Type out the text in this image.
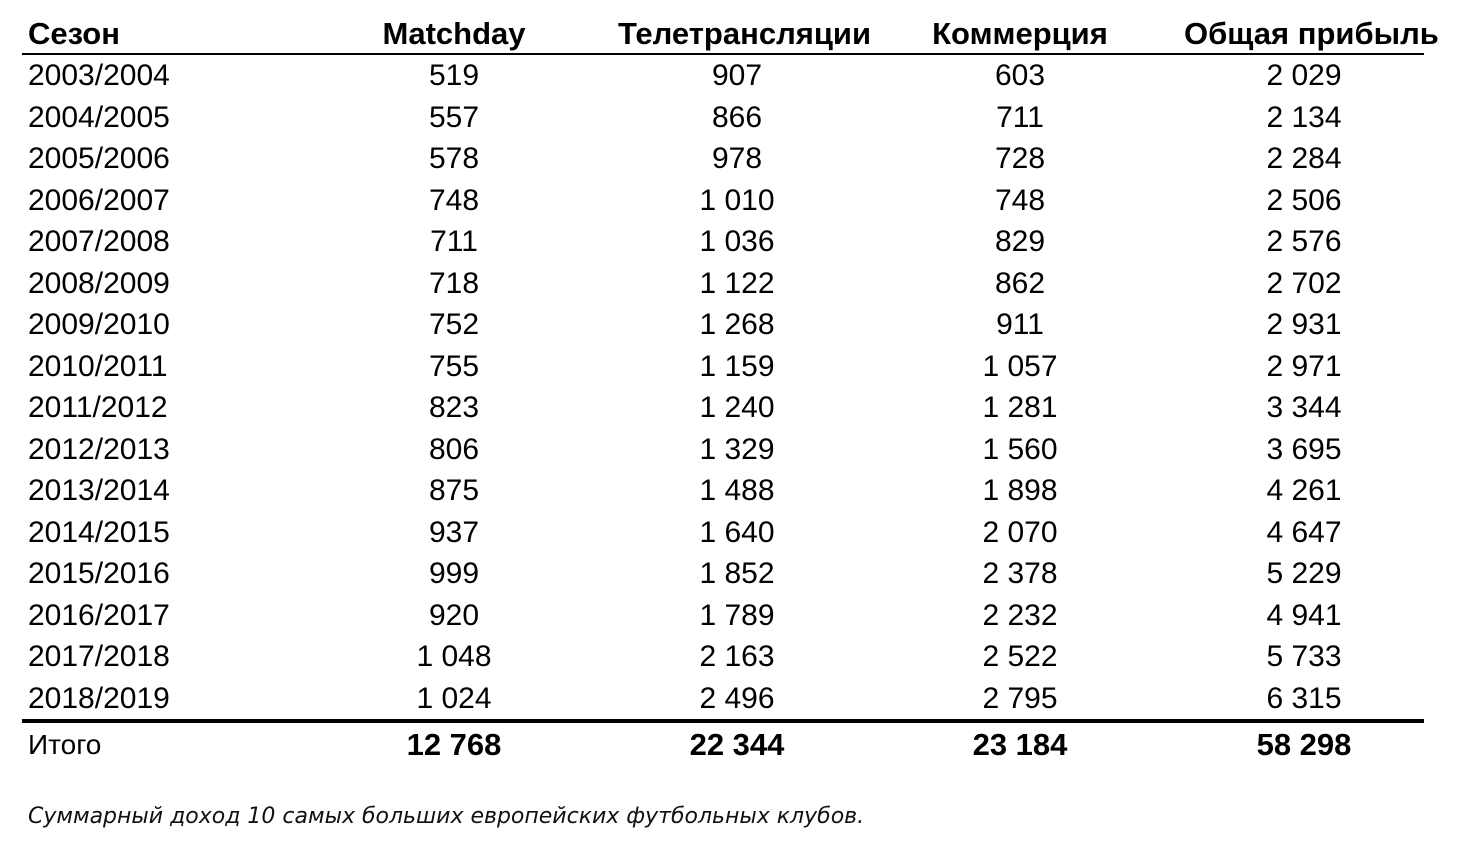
Сезон	Matchday	Телетрансляции	Коммерция	Общая прибыль
2003/2004	519	907	603	2 029
2004/2005	557	866	711	2 134
2005/2006	578	978	728	2 284
2006/2007	748	1 010	748	2 506
2007/2008	711	1 036	829	2 576
2008/2009	718	1 122	862	2 702
2009/2010	752	1 268	911	2 931
2010/2011	755	1 159	1 057	2 971
2011/2012	823	1 240	1 281	3 344
2012/2013	806	1 329	1 560	3 695
2013/2014	875	1 488	1 898	4 261
2014/2015	937	1 640	2 070	4 647
2015/2016	999	1 852	2 378	5 229
2016/2017	920	1 789	2 232	4 941
2017/2018	1 048	2 163	2 522	5 733
2018/2019	1 024	2 496	2 795	6 315
Итого	12 768	22 344	23 184	58 298
Суммарный доход 10 самых больших европейских футбольных клубов.
